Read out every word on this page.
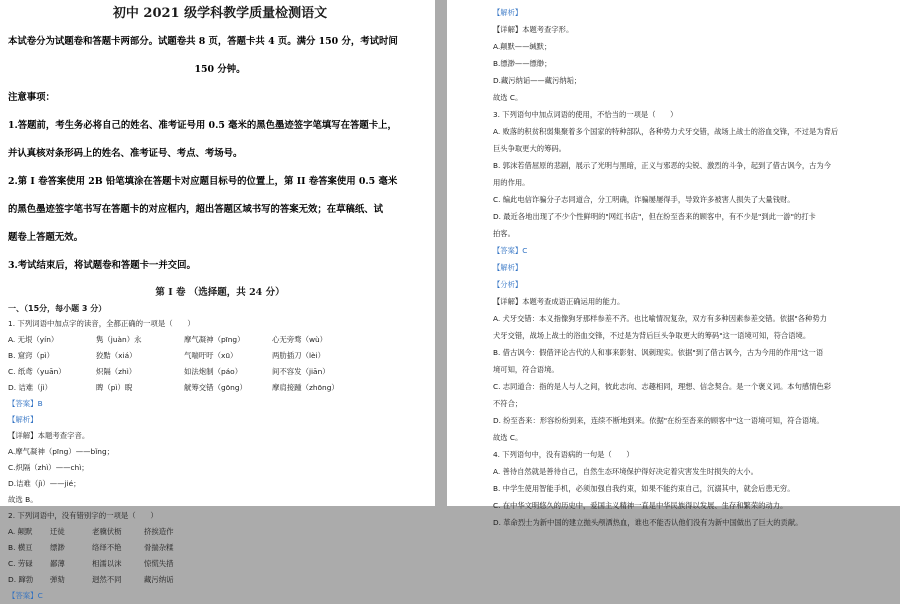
初中 2021 级学科教学质量检测语文

本试卷分为试题卷和答题卡两部分。试题卷共 8 页，答题卡共 4 页。满分 150 分，考试时间

150 分钟。

注意事项：

1.答题前，考生务必将自己的姓名、准考证号用 0.5 毫米的黑色墨迹签字笔填写在答题卡上，

并认真核对条形码上的姓名、准考证号、考点、考场号。

2.第 I 卷答案使用 2B 铅笔填涂在答题卡对应题目标号的位置上，第 II 卷答案使用 0.5 毫米

的黑色墨迹签字笔书写在答题卡的对应框内，超出答题区域书写的答案无效；在草稿纸、试

题卷上答题无效。

3.考试结束后，将试题卷和答题卡一并交回。

第 I 卷 （选择题，共 24 分）

一、（15分，每小题 3 分）

1. 下列词语中加点字的读音，全都正确的一项是（　　）

A. 无垠（yín）	隽（juàn）永	摩气凝神（pīng）	心无旁骛（wù）

B. 窟窍（pì）	狡黠（xiá）	气喘吁吁（xū）	两肋插刀（lèi）

C. 纸鸢（yuān）	炽隔（zhì）	如法炮制（páo）	间不容发（jiān）

D. 诘难（jì）	睥（pì）睨	觥筹交错（gōng）	摩肩接踵（zhōng）

【答案】B

【解析】

【详解】本题考查字音。

A.摩气凝神（pīng）——bǐng；

C.炽隔（zhì）——chì；

D.诘难（jì）——jié；

故选 B。

2. 下列词语中，没有错别字的一项是（　　）

A. 颠默 迁徒	老骥伏枥	挤挨造作

B. 横亘 缥渺	络绎不艳	骨揣杂糅

C. 劳碌 鄙薄	相濡以沫	惊慌失措

D. 蹿勃 弹劾	迥然不同	藏污纳诟

【答案】C

【解析】

【详解】本题考查字形。

A.颠默——缄默；

B.缥渺——缥缈；

D.藏污纳诟——藏污纳垢；

故选 C。

3. 下列语句中加点词语的使用，不恰当的一项是（　　）

A. 败落的积贫积弱集聚着多个国家的特种部队，各种势力犬牙交错，战场上战士的浴血交锋，不过是为背后

巨头争取更大的筹码。

B. 郭沫若借屈原的悲剧，展示了光明与黑暗，正义与邪恶的尖锐、激烈的斗争，起到了借古讽今，古为今

用的作用。

C. 编此电信诈骗分子志同道合，分工明确，诈骗屡屡得手，导致许多被害人损失了大量钱财。

D. 最近各地出现了不少个性鲜明的"网红书店"，但在纷至沓来的顾客中，有不少是"到此一游"的打卡

拍客。

【答案】C

【解析】

【分析】

【详解】本题考查成语正确运用的能力。

A. 犬牙交错：本义指像狗牙那样参差不齐。也比喻情况复杂，双方有多种因素参差交错。依据"各种势力

犬牙交错，战场上战士的浴血交锋，不过是为背后巨头争取更大的筹码"这一语境可知，符合语境。

B. 借古讽今：假借评论古代的人和事来影射、讽刺现实。依据"到了借古讽今，古为今用的作用"这一语

境可知，符合语境。

C. 志同道合：指的是人与人之间，彼此志向、志趣相同，理想、信念契合。是一个褒义词。本句感情色彩

不符合；

D. 纷至沓来：形容纷纷到来，连续不断地到来。依据"在纷至沓来的顾客中"这一语境可知，符合语境。

故选 C。

4. 下列语句中，没有语病的一句是（　　）

A. 善待自然就是善待自己，自然生态环境保护得好决定着灾害发生时损失的大小。

B. 中学生使用智能手机，必须加强自我约束，如果不能约束自己，沉溺其中，就会后患无穷。

C. 在中华文明悠久的历史中，爱国主义精神一直是中华民族得以发展、生存和繁荣的动力。

D. 革命烈士为新中国的建立抛头颅洒热血，谁也不能否认他们没有为新中国做出了巨大的贡献。
